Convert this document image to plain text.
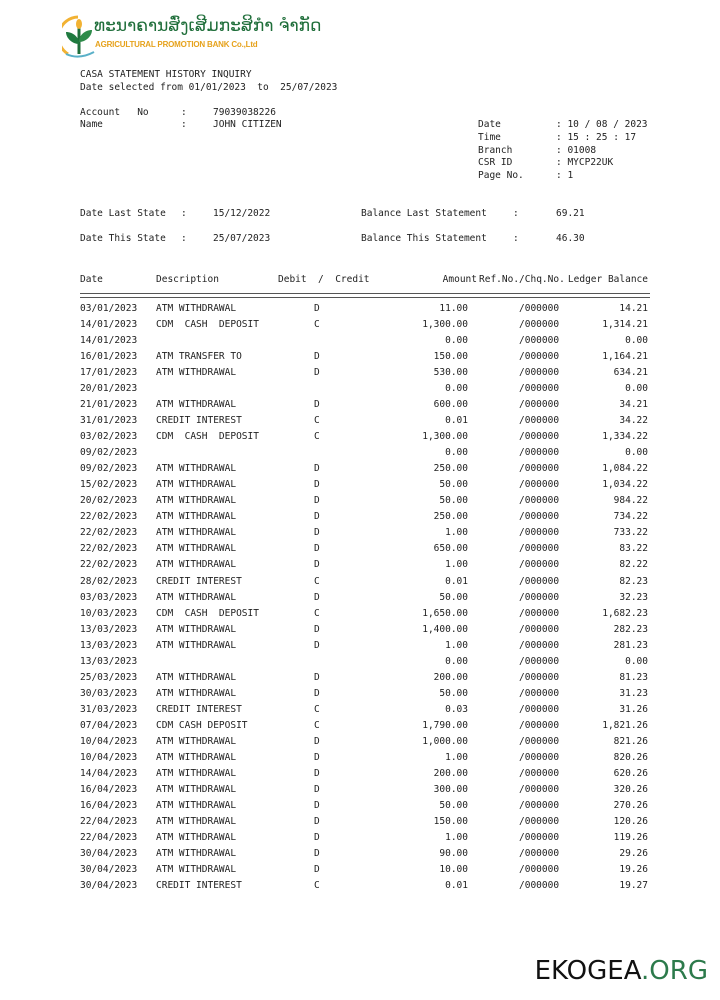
ທະນາຄານສົ່ງເສີມກະສິກຳ ຈຳກັດ
AGRICULTURAL PROMOTION BANK Co.,Ltd
CASA STATEMENT HISTORY INQUIRY
Date selected from 01/01/2023  to  25/07/2023
Account   No	:	79039038226
Name	:	JOHN CITIZEN	Date	: 10 / 08 / 2023
Time	: 15 : 25 : 17
Branch	: 01008
CSR ID	: MYCP22UK
Page No.	: 1
Date Last State :	15/12/2022	Balance Last Statement	:	69.21
Date This State :	25/07/2023	Balance This Statement	:	46.30
Date	Description	Debit  /  Credit	Amount Ref.No./Chq.No. Ledger Balance
03/01/2023 ATM WITHDRAWAL	D	11.00	/000000	14.21
14/01/2023 CDM  CASH  DEPOSIT	C	1,300.00	/000000	1,314.21
14/01/2023	0.00	/000000	0.00
16/01/2023 ATM TRANSFER TO	D	150.00	/000000	1,164.21
17/01/2023 ATM WITHDRAWAL	D	530.00	/000000	634.21
20/01/2023	0.00	/000000	0.00
21/01/2023 ATM WITHDRAWAL	D	600.00	/000000	34.21
31/01/2023 CREDIT INTEREST	C	0.01	/000000	34.22
03/02/2023 CDM  CASH  DEPOSIT	C	1,300.00	/000000	1,334.22
09/02/2023	0.00	/000000	0.00
09/02/2023 ATM WITHDRAWAL	D	250.00	/000000	1,084.22
15/02/2023 ATM WITHDRAWAL	D	50.00	/000000	1,034.22
20/02/2023 ATM WITHDRAWAL	D	50.00	/000000	984.22
22/02/2023 ATM WITHDRAWAL	D	250.00	/000000	734.22
22/02/2023 ATM WITHDRAWAL	D	1.00	/000000	733.22
22/02/2023 ATM WITHDRAWAL	D	650.00	/000000	83.22
22/02/2023 ATM WITHDRAWAL	D	1.00	/000000	82.22
28/02/2023 CREDIT INTEREST	C	0.01	/000000	82.23
03/03/2023 ATM WITHDRAWAL	D	50.00	/000000	32.23
10/03/2023 CDM  CASH  DEPOSIT	C	1,650.00	/000000	1,682.23
13/03/2023 ATM WITHDRAWAL	D	1,400.00	/000000	282.23
13/03/2023 ATM WITHDRAWAL	D	1.00	/000000	281.23
13/03/2023	0.00	/000000	0.00
25/03/2023 ATM WITHDRAWAL	D	200.00	/000000	81.23
30/03/2023 ATM WITHDRAWAL	D	50.00	/000000	31.23
31/03/2023 CREDIT INTEREST	C	0.03	/000000	31.26
07/04/2023 CDM CASH DEPOSIT	C	1,790.00	/000000	1,821.26
10/04/2023 ATM WITHDRAWAL	D	1,000.00	/000000	821.26
10/04/2023 ATM WITHDRAWAL	D	1.00	/000000	820.26
14/04/2023 ATM WITHDRAWAL	D	200.00	/000000	620.26
16/04/2023 ATM WITHDRAWAL	D	300.00	/000000	320.26
16/04/2023 ATM WITHDRAWAL	D	50.00	/000000	270.26
22/04/2023 ATM WITHDRAWAL	D	150.00	/000000	120.26
22/04/2023 ATM WITHDRAWAL	D	1.00	/000000	119.26
30/04/2023 ATM WITHDRAWAL	D	90.00	/000000	29.26
30/04/2023 ATM WITHDRAWAL	D	10.00	/000000	19.26
30/04/2023 CREDIT INTEREST	C	0.01	/000000	19.27
EKOGEA.ORG
